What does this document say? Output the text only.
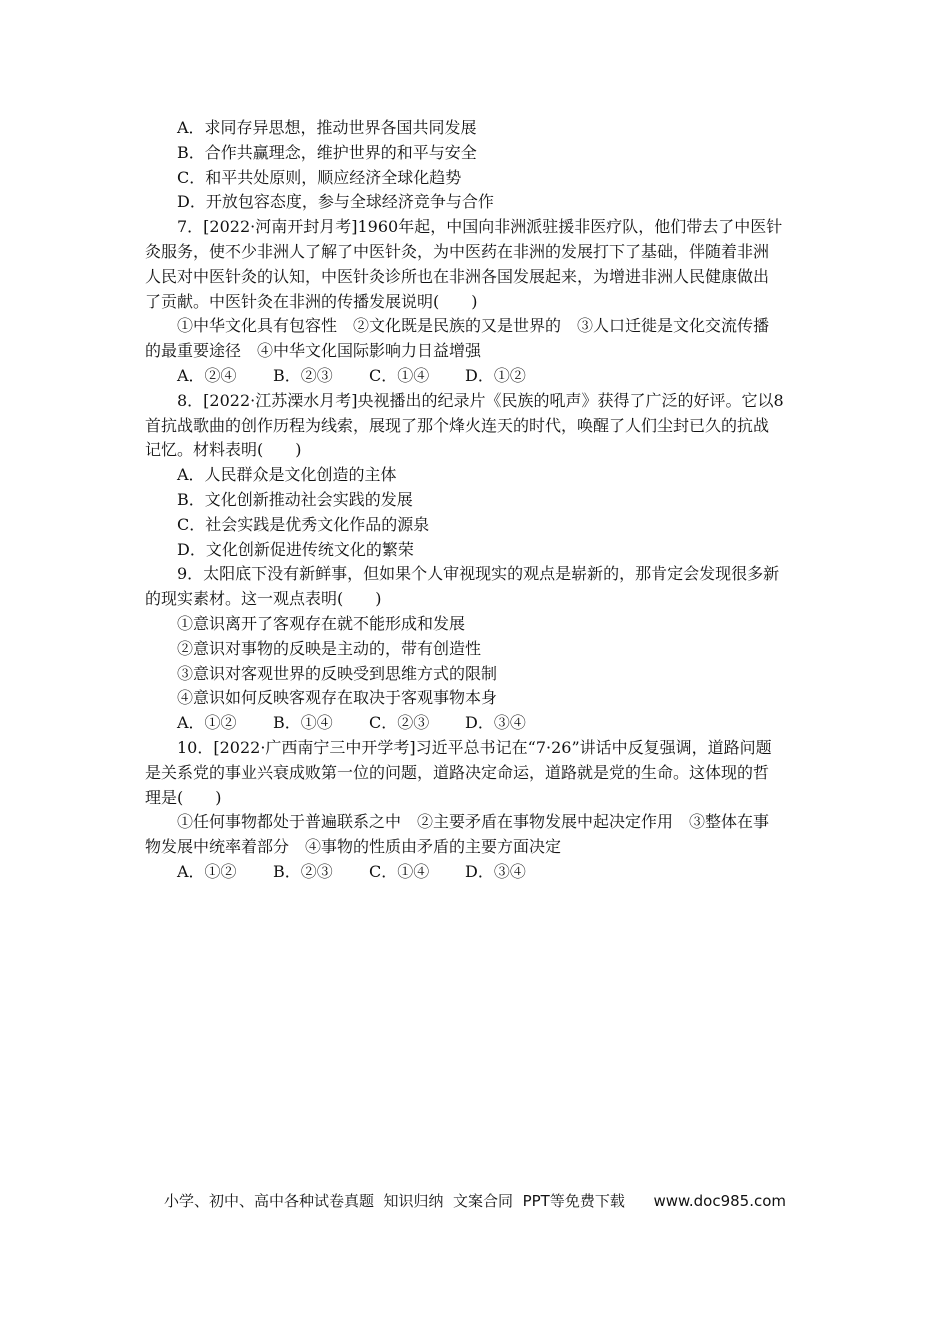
A．求同存异思想，推动世界各国共同发展
B．合作共赢理念，维护世界的和平与安全
C．和平共处原则，顺应经济全球化趋势
D．开放包容态度，参与全球经济竞争与合作
7．[2022·河南开封月考]1960年起，中国向非洲派驻援非医疗队，他们带去了中医针
灸服务，使不少非洲人了解了中医针灸，为中医药在非洲的发展打下了基础，伴随着非洲
人民对中医针灸的认知，中医针灸诊所也在非洲各国发展起来，为增进非洲人民健康做出
了贡献。中医针灸在非洲的传播发展说明(　　)
①中华文化具有包容性　②文化既是民族的又是世界的　③人口迁徙是文化交流传播
的最重要途径　④中华文化国际影响力日益增强
A．②④	B．②③	C．①④	D．①②
8．[2022·江苏溧水月考]央视播出的纪录片《民族的吼声》获得了广泛的好评。它以8
首抗战歌曲的创作历程为线索，展现了那个烽火连天的时代，唤醒了人们尘封已久的抗战
记忆。材料表明(　　)
A．人民群众是文化创造的主体
B．文化创新推动社会实践的发展
C．社会实践是优秀文化作品的源泉
D．文化创新促进传统文化的繁荣
9．太阳底下没有新鲜事，但如果个人审视现实的观点是崭新的，那肯定会发现很多新
的现实素材。这一观点表明(　　)
①意识离开了客观存在就不能形成和发展
②意识对事物的反映是主动的，带有创造性
③意识对客观世界的反映受到思维方式的限制
④意识如何反映客观存在取决于客观事物本身
A．①②	B．①④	C．②③	D．③④
10．[2022·广西南宁三中开学考]习近平总书记在“7·26”讲话中反复强调，道路问题
是关系党的事业兴衰成败第一位的问题，道路决定命运，道路就是党的生命。这体现的哲
理是(　　)
①任何事物都处于普遍联系之中　②主要矛盾在事物发展中起决定作用　③整体在事
物发展中统率着部分　④事物的性质由矛盾的主要方面决定
A．①②	B．②③	C．①④	D．③④
小学、初中、高中各种试卷真题  知识归纳  文案合同  PPT等免费下载      www.doc985.com
